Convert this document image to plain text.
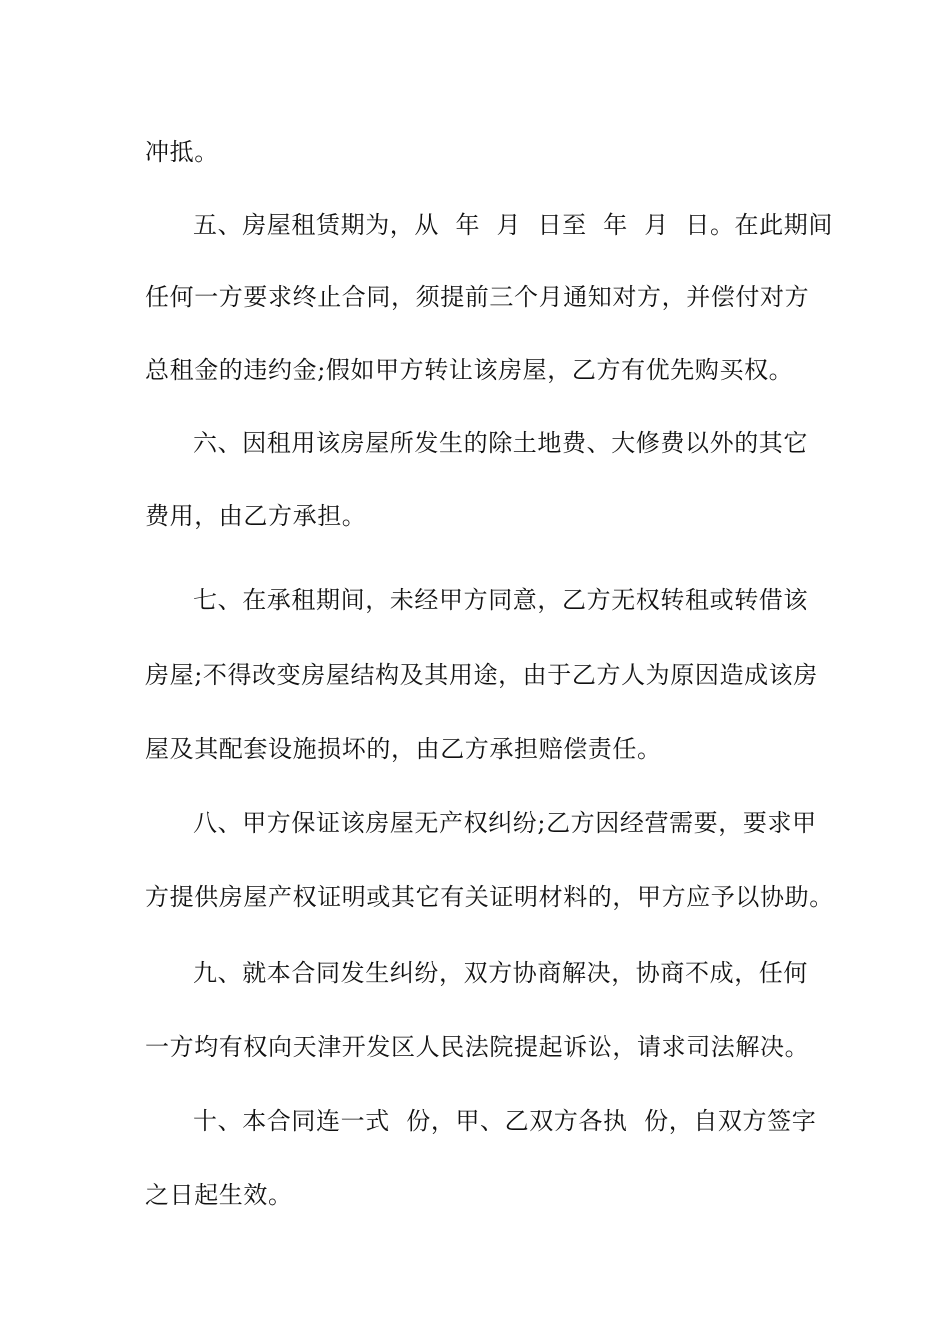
冲抵。
五、房屋租赁期为，从  年  月  日至  年  月  日。在此期间
任何一方要求终止合同，须提前三个月通知对方，并偿付对方
总租金的违约金;假如甲方转让该房屋，乙方有优先购买权。
六、因租用该房屋所发生的除土地费、大修费以外的其它
费用，由乙方承担。
七、在承租期间，未经甲方同意，乙方无权转租或转借该
房屋;不得改变房屋结构及其用途，由于乙方人为原因造成该房
屋及其配套设施损坏的，由乙方承担赔偿责任。
八、甲方保证该房屋无产权纠纷;乙方因经营需要，要求甲
方提供房屋产权证明或其它有关证明材料的，甲方应予以协助。
九、就本合同发生纠纷，双方协商解决，协商不成，任何
一方均有权向天津开发区人民法院提起诉讼，请求司法解决。
十、本合同连一式  份，甲、乙双方各执  份，自双方签字
之日起生效。
